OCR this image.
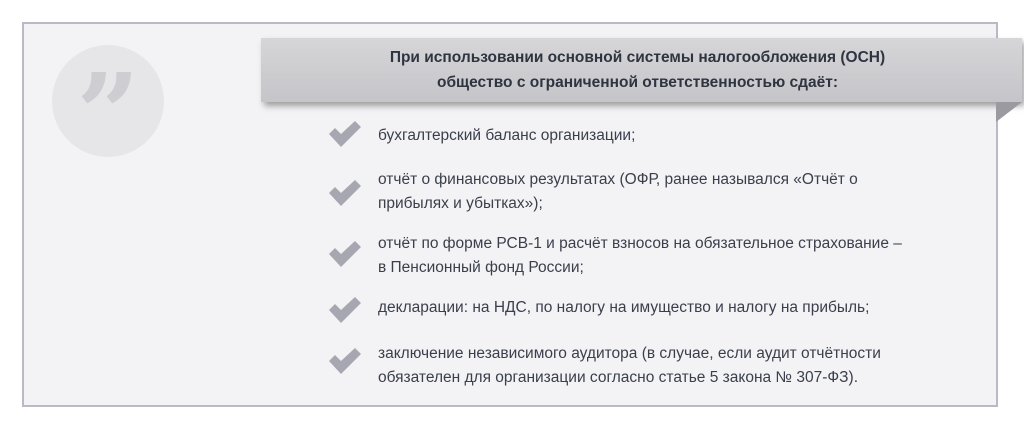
”	При использовании основной системы налогообложения (ОСН)
общество с ограниченной ответственностью сдаёт:
бухгалтерский баланс организации;
отчёт о финансовых результатах (ОФР, ранее назывался «Отчёт о
прибылях и убытках»);
отчёт по форме РСВ-1 и расчёт взносов на обязательное страхование –
в Пенсионный фонд России;
декларации: на НДС, по налогу на имущество и налогу на прибыль;
заключение независимого аудитора (в случае, если аудит отчётности
обязателен для организации согласно статье 5 закона № 307-ФЗ).
